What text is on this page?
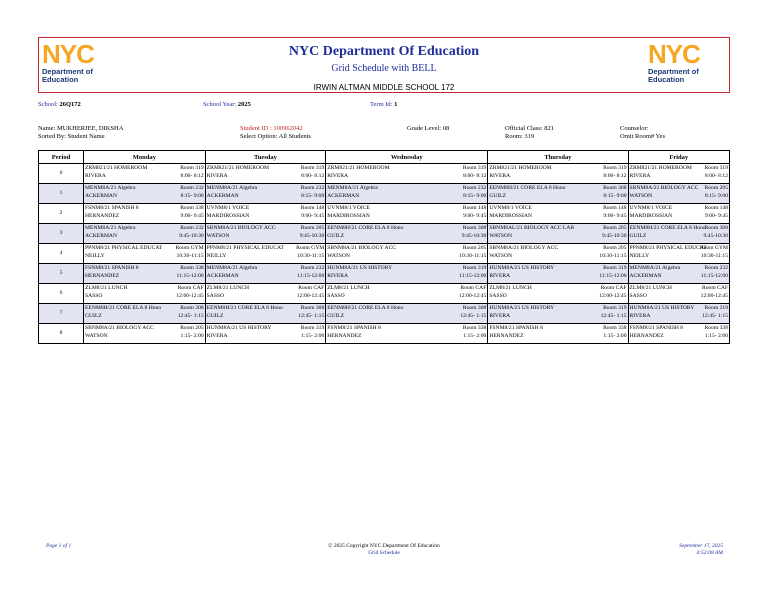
NYC
Department of Education
NYC
Department of Education
NYC Department Of Education
Grid Schedule with BELL
IRWIN ALTMAN MIDDLE SCHOOL 172
School: 26Q172	School Year: 2025	Term Id: 1
Name: MUKHERJEE, DIKSHA
Sorted By: Student Name
Student ID : 100962042
Select Option: All Students
Grade Level: 08	Official Class: 821
Room: 319
Counselor:
Omit Room# Yes
Period	Monday	Tuesday	Wednesday	Thursday	Friday
0	ZRM821/21 HOMEROOM
RIVERA
Room 319
8:00- 8:12	ZRM821/21 HOMEROOM
RIVERA
Room 319
8:00- 8:12	ZRM821/21 HOMEROOM
RIVERA
Room 319
8:00- 8:12	ZRM821/21 HOMEROOM
RIVERA
Room 319
8:00- 8:12	ZRM821/21 HOMEROOM
RIVERA
Room 319
8:00- 8:12

1	MENM8A/21 Algebra
ACKERMAN
Room 232
8:15- 9:00	MENM8A/21 Algebra
ACKERMAN
Room 232
8:15- 9:00	MENM8A/21 Algebra
ACKERMAN
Room 232
8:15- 9:00	EENM8H/21 CORE ELA 8 Hono
GUILZ
Room 308
8:15- 9:00	SBNM8A/21 BIOLOGY ACC
WATSON
Room 205
8:15- 9:00

2	FSNM8/21 SPANISH 8
HERNANDEZ
Room 338
9:00- 9:45	UVNM8/1 VOICE
MARDIROSSIAN
Room 148
9:00- 9:45	UVNM8/1 VOICE
MARDIROSSIAN
Room 148
9:00- 9:45	UVNM8/1 VOICE
MARDIROSSIAN
Room 148
9:00- 9:45	UVNM8/1 VOICE
MARDIROSSIAN
Room 148
9:00- 9:45

3	MENM8A/21 Algebra
ACKERMAN
Room 232
9:45-10:30	SBNM8A/21 BIOLOGY ACC
WATSON
Room 205
9:45-10:30	EENM8H/21 CORE ELA 8 Hono
GUILZ
Room 308
9:45-10:30	SBNM8AL/21 BIOLOGY ACC LAB
WATSON
Room 205
9:45-10:30	EENM8H/21 CORE ELA 8 Hono
GUILZ
Room 308
9:45-10:30

4	PPNM8/21 PHYSICAL EDUCAT
NEILLY
Room GYM
10:30-11:15	PPNM8/21 PHYSICAL EDUCAT
NEILLY
Room GYM
10:30-11:15	SBNM8A/21 BIOLOGY ACC
WATSON
Room 205
10:30-11:15	SBNM8A/21 BIOLOGY ACC
WATSON
Room 205
10:30-11:15	PPNM8/21 PHYSICAL EDUCAT
NEILLY
Room GYM
10:30-11:15

5	FSNM8/21 SPANISH 8
HERNANDEZ
Room 338
11:15-12:00	MENM8A/21 Algebra
ACKERMAN
Room 232
11:15-12:00	HUNM8A/21 US HISTORY
RIVERA
Room 319
11:15-12:00	HUNM8A/21 US HISTORY
RIVERA
Room 319
11:15-12:00	MENM8A/21 Algebra
ACKERMAN
Room 232
11:15-12:00

6	ZLM8/21 LUNCH
SASSO
Room CAF
12:00-12:45	ZLM8/21 LUNCH
SASSO
Room CAF
12:00-12:45	ZLM8/21 LUNCH
SASSO
Room CAF
12:00-12:45	ZLM8/21 LUNCH
SASSO
Room CAF
12:00-12:45	ZLM8/21 LUNCH
SASSO
Room CAF
12:00-12:45

7	EENM8H/21 CORE ELA 8 Hono
GUILZ
Room 308
12:45- 1:15	EENM8H/21 CORE ELA 8 Hono
GUILZ
Room 308
12:45- 1:15	EENM8H/21 CORE ELA 8 Hono
GUILZ
Room 308
12:45- 1:15	HUNM8A/21 US HISTORY
RIVERA
Room 319
12:45- 1:15	HUNM8A/21 US HISTORY
RIVERA
Room 319
12:45- 1:15

8	SBNM8A/21 BIOLOGY ACC
WATSON
Room 205
1:15- 2:00	HUNM8A/21 US HISTORY
RIVERA
Room 319
1:15- 2:00	FSNM8/21 SPANISH 8
HERNANDEZ
Room 338
1:15- 2:00	FSNM8/21 SPANISH 8
HERNANDEZ
Room 338
1:15- 2:00	FSNM8/21 SPANISH 8
HERNANDEZ
Room 338
1:15- 2:00
Page 1 of 1	© 2025 Copyright NYC Department Of Education
Grid Schedule
September 17, 2025
4:52:08 AM
